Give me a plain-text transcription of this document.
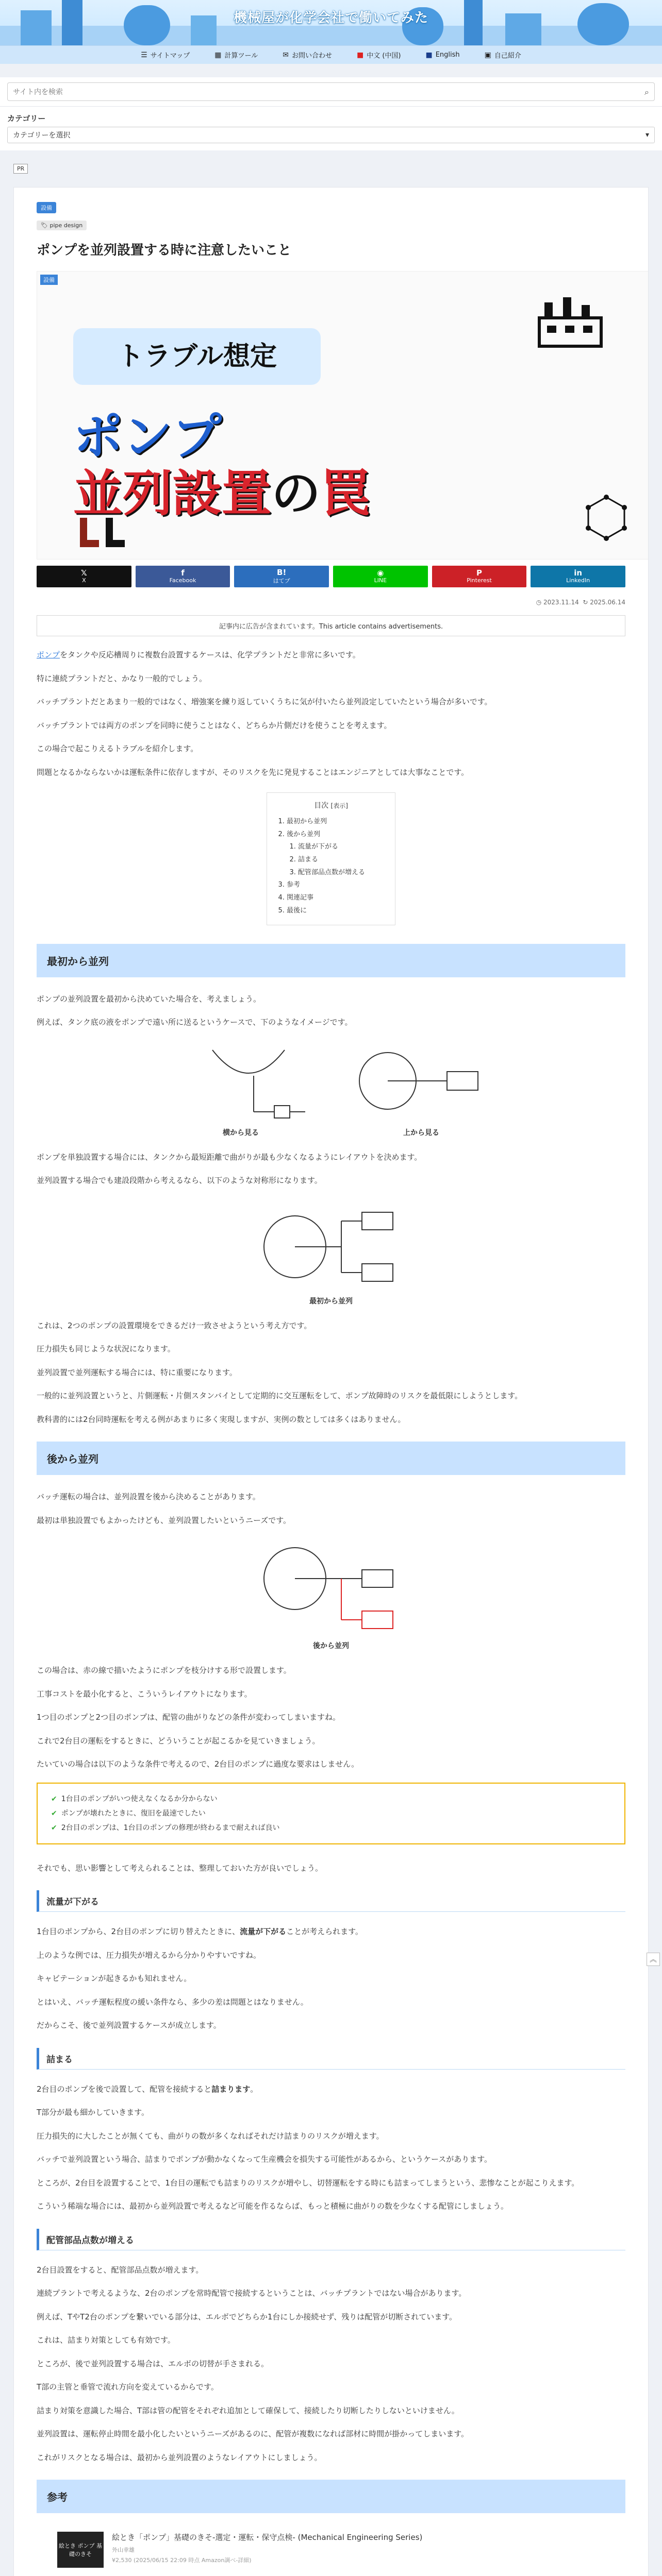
機械屋が化学会社で働いてみた
☰ サイトマップ	▦ 計算ツール	✉ お問い合わせ	■ 中文 (中国)	■ English	▣ 自己紹介
サイト内を検索
⌕
カテゴリー
カテゴリーを選択	▾
PR
設備
🏷 pipe design
ポンプを並列設置する時に注意したいこと
設備
トラブル想定
ポンプ
並列設置の罠
𝕏
X
f
Facebook
B!
はてブ
◉
LINE
P
Pinterest
in
LinkedIn
◷ 2023.11.14 ↻ 2025.06.14
記事内に広告が含まれています。This article contains advertisements.

ポンプをタンクや反応槽周りに複数台設置するケースは、化学プラントだと非常に多いです。

特に連続プラントだと、かなり一般的でしょう。

バッチプラントだとあまり一般的ではなく、増強案を練り返していくうちに気が付いたら並列設定していたという場合が多いです。

バッチプラントでは両方のポンプを同時に使うことはなく、どちらか片側だけを使うことを考えます。

この場合で起こりえるトラブルを紹介します。

問題となるかならないかは運転条件に依存しますが、そのリスクを先に発見することはエンジニアとしては大事なことです。

目次 [表示]
1. 最初から並列
2. 後から並列
1. 流量が下がる
2. 詰まる
3. 配管部品点数が増える
3. 参考
4. 関連記事
5. 最後に
最初から並列

ポンプの並列設置を最初から決めていた場合を、考えましょう。

例えば、タンク底の液をポンプで遠い所に送るというケースで、下のようなイメージです。

横から見る	上から見る

ポンプを単独設置する場合には、タンクから最短距離で曲がりが最も少なくなるようにレイアウトを決めます。

並列設置する場合でも建設段階から考えるなら、以下のような対称形になります。

最初から並列

これは、2つのポンプの設置環境をできるだけ一致させようという考え方です。

圧力損失も同じような状況になります。

並列設置で並列運転する場合には、特に重要になります。

一般的に並列設置というと、片側運転・片側スタンバイとして定期的に交互運転をして、ポンプ故障時のリスクを最低限にしようとします。

教科書的には2台同時運転を考える例があまりに多く実現しますが、実例の数としては多くはありません。

後から並列

バッチ運転の場合は、並列設置を後から決めることがあります。

最初は単独設置でもよかったけども、並列設置したいというニーズです。

後から並列

この場合は、赤の線で描いたようにポンプを枝分けする形で設置します。

工事コストを最小化すると、こういうレイアウトになります。

1つ目のポンプと2つ目のポンプは、配管の曲がりなどの条件が変わってしまいますね。

これで2台目の運転をするときに、どういうことが起こるかを見ていきましょう。

たいていの場合は以下のような条件で考えるので、2台目のポンプに過度な要求はしません。

✔ 1台目のポンプがいつ使えなくなるか分からない
✔ ポンプが壊れたときに、復旧を最速でしたい
✔ 2台目のポンプは、1台目のポンプの修理が終わるまで耐えれば良い

それでも、思い影響として考えられることは、整理しておいた方が良いでしょう。

流量が下がる

1台目のポンプから、2台目のポンプに切り替えたときに、流量が下がることが考えられます。

上のような例では、圧力損失が増えるから分かりやすいですね。

キャビテーションが起きるかも知れません。

とはいえ、バッチ運転程度の緩い条件なら、多少の差は問題とはなりません。

だからこそ、後で並列設置するケースが成立します。

詰まる

2台目のポンプを後で設置して、配管を接続すると詰まります。

T部分が最も細かしていきます。

圧力損失的に大したことが無くても、曲がりの数が多くなればそれだけ詰まりのリスクが増えます。

バッチで並列設置という場合、詰まりでポンプが動かなくなって生産機会を損失する可能性があるから、というケースがあります。

ところが、2台目を設置することで、1台目の運転でも詰まりのリスクが増やし、切替運転をする時にも詰まってしまうという、悲惨なことが起こりえます。

こういう稀端な場合には、最初から並列設置で考えるなど可能を作るならば、もっと積極に曲がりの数を少なくする配管にしましょう。

配管部品点数が増える

2台目設置をすると、配管部品点数が増えます。

連続プラントで考えるような、2台のポンプを常時配管で接続するということは、バッチプラントではない場合があります。

例えば、TやT2台のポンプを繋いでいる部分は、エルボでどちらか1台にしか接続せず、残りは配管が切断されています。

これは、詰まり対策としても有効です。

ところが、後で並列設置する場合は、エルボの切替が手さまれる。

T部の主管と垂管で流れ方向を変えているからです。

詰まり対策を意識した場合、T部は管の配管をそれぞれ追加として確保して、接続したり切断したりしないといけません。

並列設置は、運転停止時間を最小化したいというニーズがあるのに、配管が複数になれば部材に時間が掛かってしまいます。

これがリスクとなる場合は、最初から並列設置のようなレイアウトにしましょう。

参考
絵とき ポンプ 基礎のきそ
絵とき「ポンプ」基礎のきそ-選定・運転・保守点検- (Mechanical Engineering Series)
外山幸雄
¥2,530 (2025/06/15 22:09 時点 Amazon調べ-詳細)
︽
